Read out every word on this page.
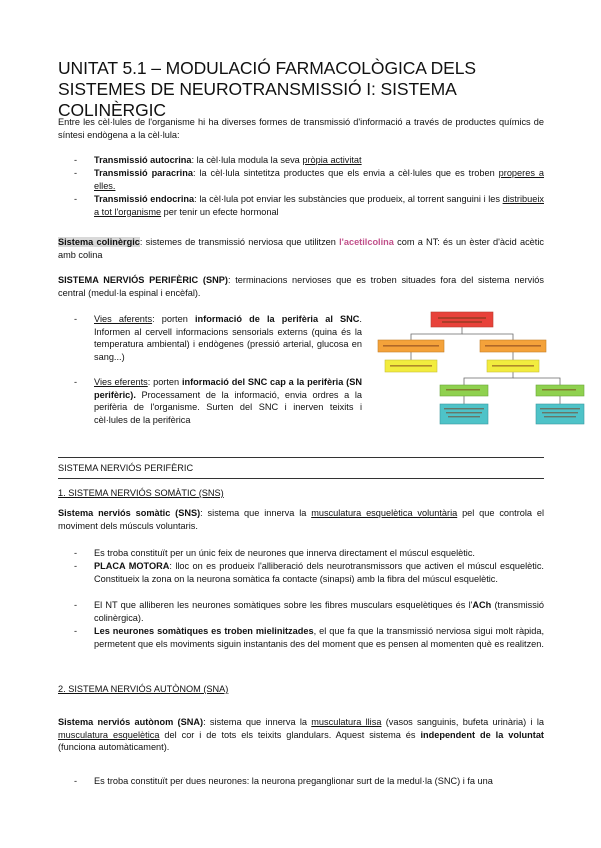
UNITAT 5.1 – MODULACIÓ FARMACOLÒGICA DELS SISTEMES DE NEUROTRANSMISSIÓ I: SISTEMA COLINÈRGIC

Entre les cèl·lules de l'organisme hi ha diverses formes de transmissió d'informació a través de productes químics de síntesi endògena a la cèl·lula:

- Transmissió autocrina: la cèl·lula modula la seva pròpia activitat

- Transmissió paracrina: la cèl·lula sintetitza productes que els envia a cèl·lules que es troben properes a elles.

- Transmissió endocrina: la cèl·lula pot enviar les substàncies que produeix, al torrent sanguini i les distribueix a tot l'organisme per tenir un efecte hormonal

Sistema colinèrgic: sistemes de transmissió nerviosa que utilitzen l'acetilcolina com a NT: és un èster d'àcid acètic amb colina

SISTEMA NERVIÓS PERIFÈRIC (SNP): terminacions nervioses que es troben situades fora del sistema nerviós central (medul·la espinal i encèfal).

- Vies aferents: porten informació de la perifèria al SNC. Informen al cervell informacions sensorials externs (quina és la temperatura ambiental) i endògenes (pressió arterial, glucosa en sang...)

- Vies eferents: porten informació del SNC cap a la perifèria (SN perifèric). Processament de la informació, envia ordres a la perifèria de l'organisme. Surten del SNC i inerven teixits i cèl·lules de la perifèrica

SISTEMA NERVIÓS PERIFÈRIC
1. SISTEMA NERVIÓS SOMÀTIC (SNS)

Sistema nerviós somàtic (SNS): sistema que innerva la musculatura esquelètica voluntària pel que controla el moviment dels músculs voluntaris.

- Es troba constituït per un únic feix de neurones que innerva directament el múscul esquelètic.

- PLACA MOTORA: lloc on es produeix l'alliberació dels neurotransmissors que activen el múscul esquelètic. Constitueix la zona on la neurona somàtica fa contacte (sinapsi) amb la fibra del múscul esquelètic.

- El NT que alliberen les neurones somàtiques sobre les fibres musculars esquelètiques és l'ACh (transmissió colinèrgica).

- Les neurones somàtiques es troben mielinitzades, el que fa que la transmissió nerviosa sigui molt ràpida, permetent que els moviments siguin instantanis des del moment que es pensen al momenten què es realitzen.

2. SISTEMA NERVIÓS AUTÒNOM (SNA)

Sistema nerviós autònom (SNA): sistema que innerva la musculatura llisa (vasos sanguinis, bufeta urinària) i la musculatura esquelètica del cor i de tots els teixits glandulars. Aquest sistema és independent de la voluntat (funciona automàticament).

- Es troba constituït per dues neurones: la neurona preganglionar surt de la medul·la (SNC) i fa una
